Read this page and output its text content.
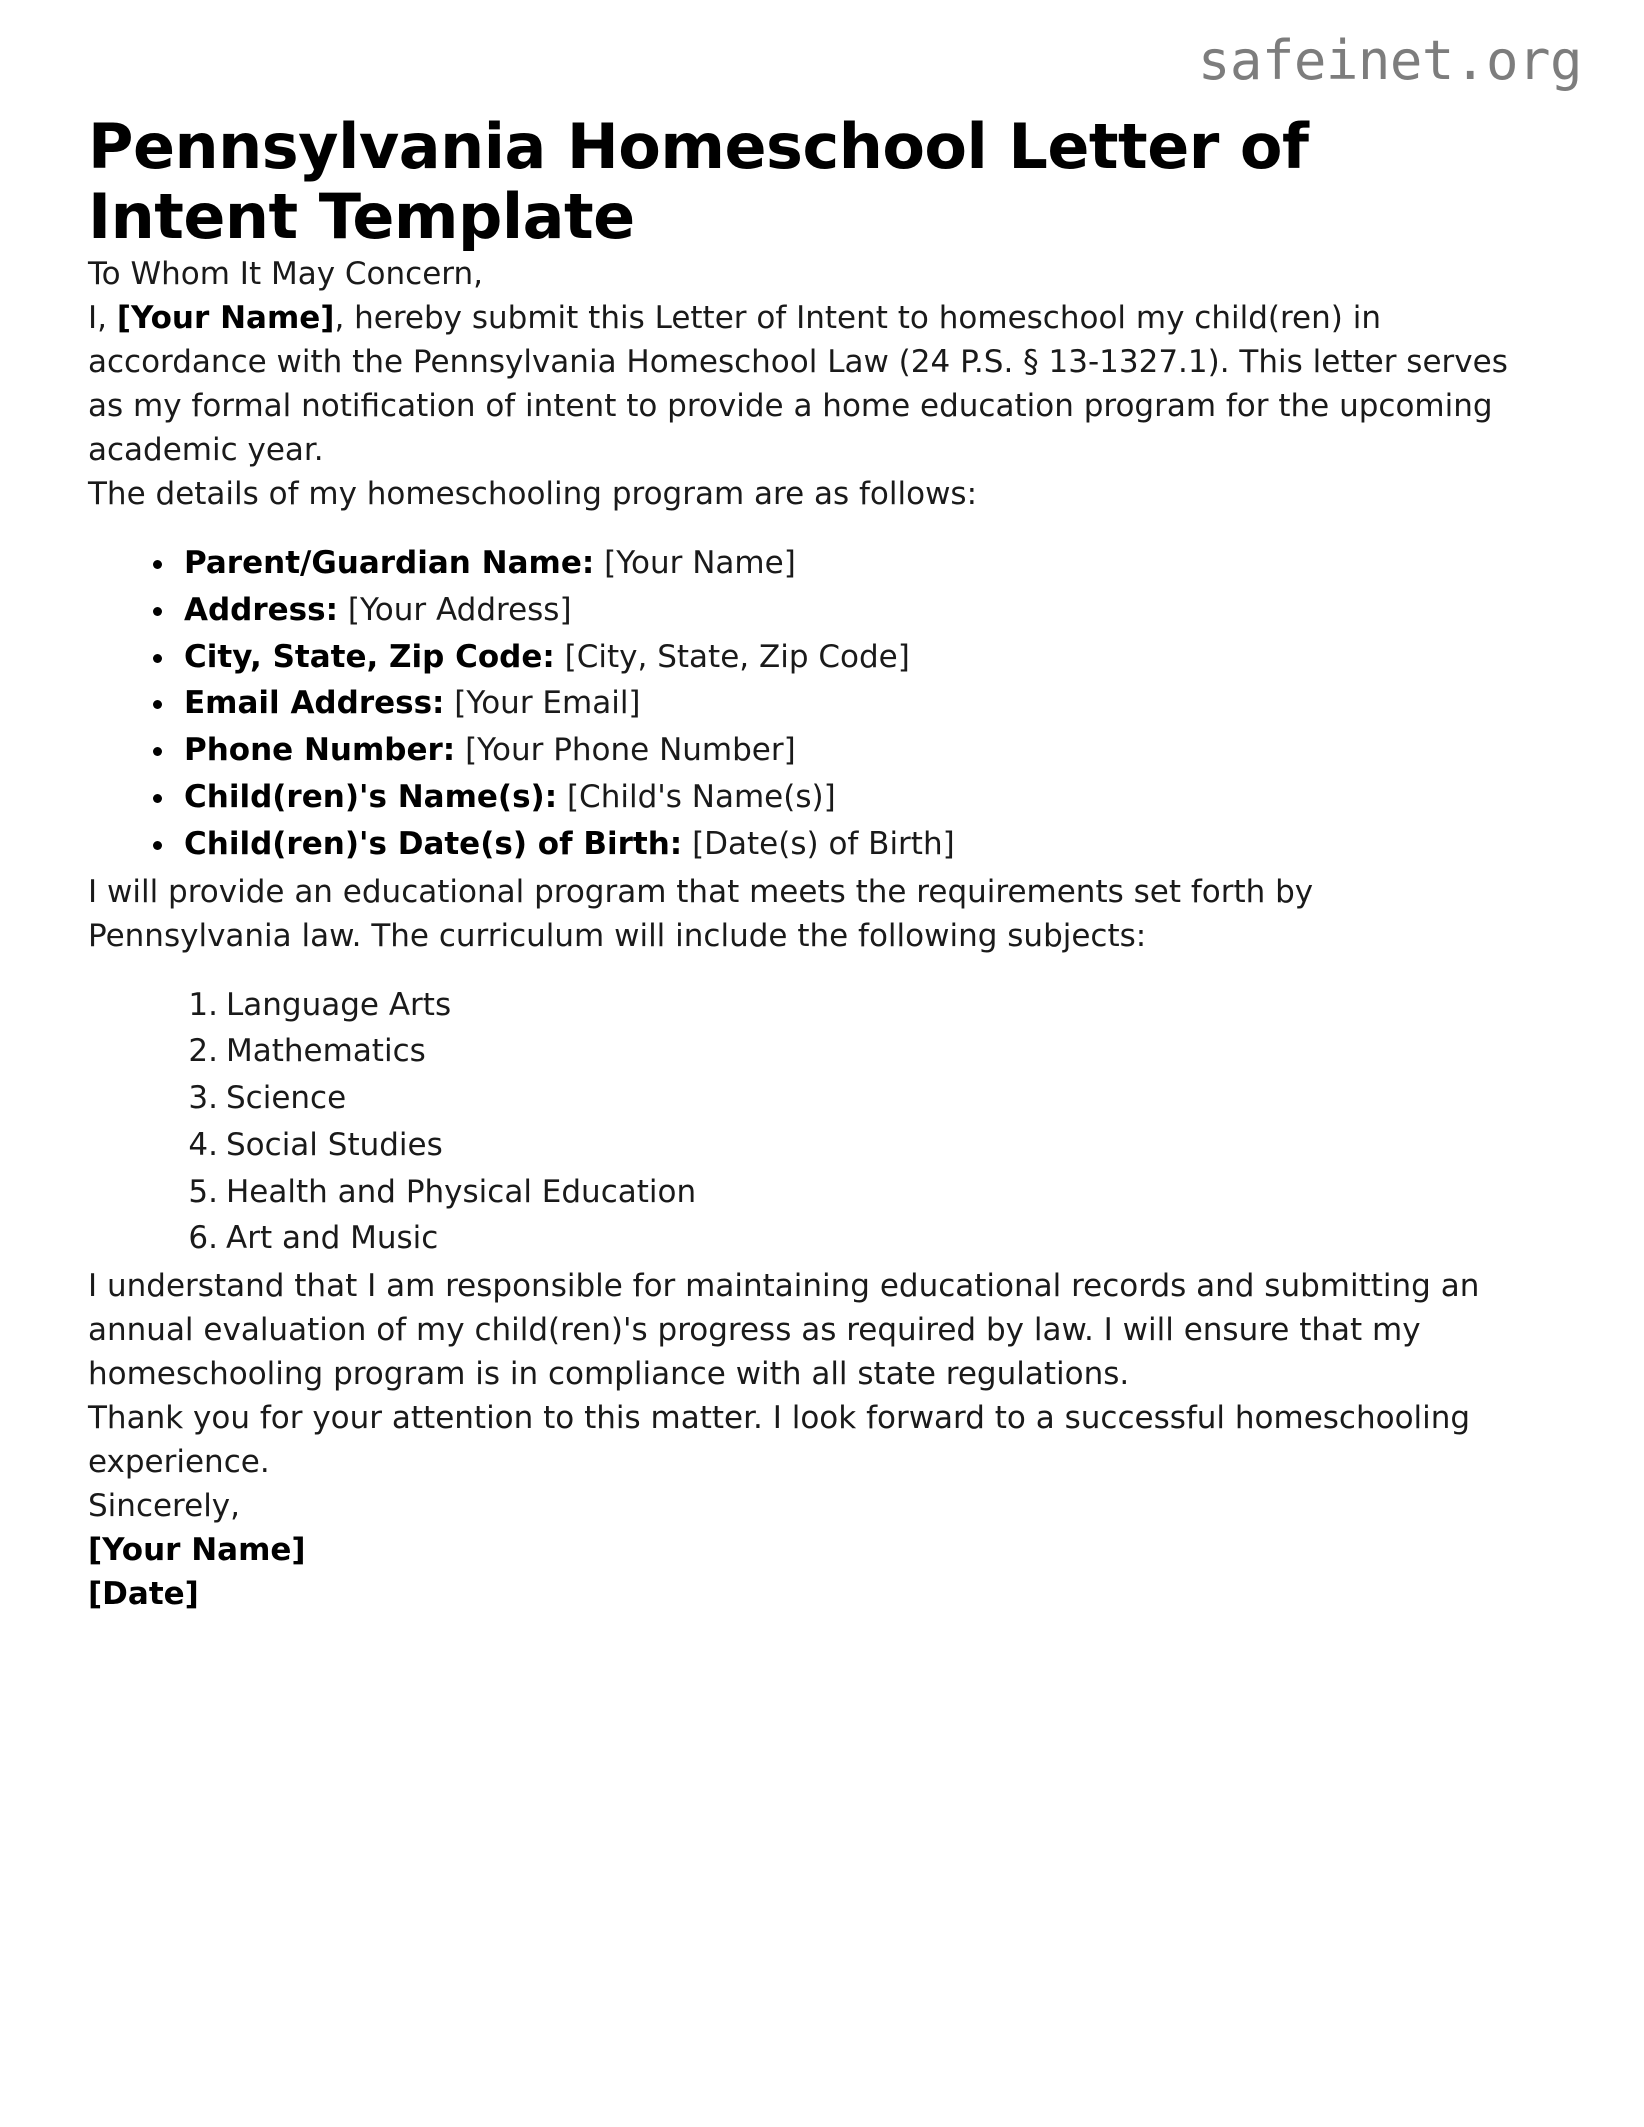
safeinet.org
Pennsylvania Homeschool Letter of Intent Template

To Whom It May Concern,

I, [Your Name], hereby submit this Letter of Intent to homeschool my child(ren) in accordance with the Pennsylvania Homeschool Law (24 P.S. § 13-1327.1). This letter serves as my formal notification of intent to provide a home education program for the upcoming academic year.

The details of my homeschooling program are as follows:

Parent/Guardian Name: [Your Name]
Address: [Your Address]
City, State, Zip Code: [City, State, Zip Code]
Email Address: [Your Email]
Phone Number: [Your Phone Number]
Child(ren)'s Name(s): [Child's Name(s)]
Child(ren)'s Date(s) of Birth: [Date(s) of Birth]

I will provide an educational program that meets the requirements set forth by Pennsylvania law. The curriculum will include the following subjects:

Language Arts
Mathematics
Science
Social Studies
Health and Physical Education
Art and Music

I understand that I am responsible for maintaining educational records and submitting an annual evaluation of my child(ren)'s progress as required by law. I will ensure that my homeschooling program is in compliance with all state regulations.

Thank you for your attention to this matter. I look forward to a successful homeschooling experience.

Sincerely,

[Your Name]

[Date]
